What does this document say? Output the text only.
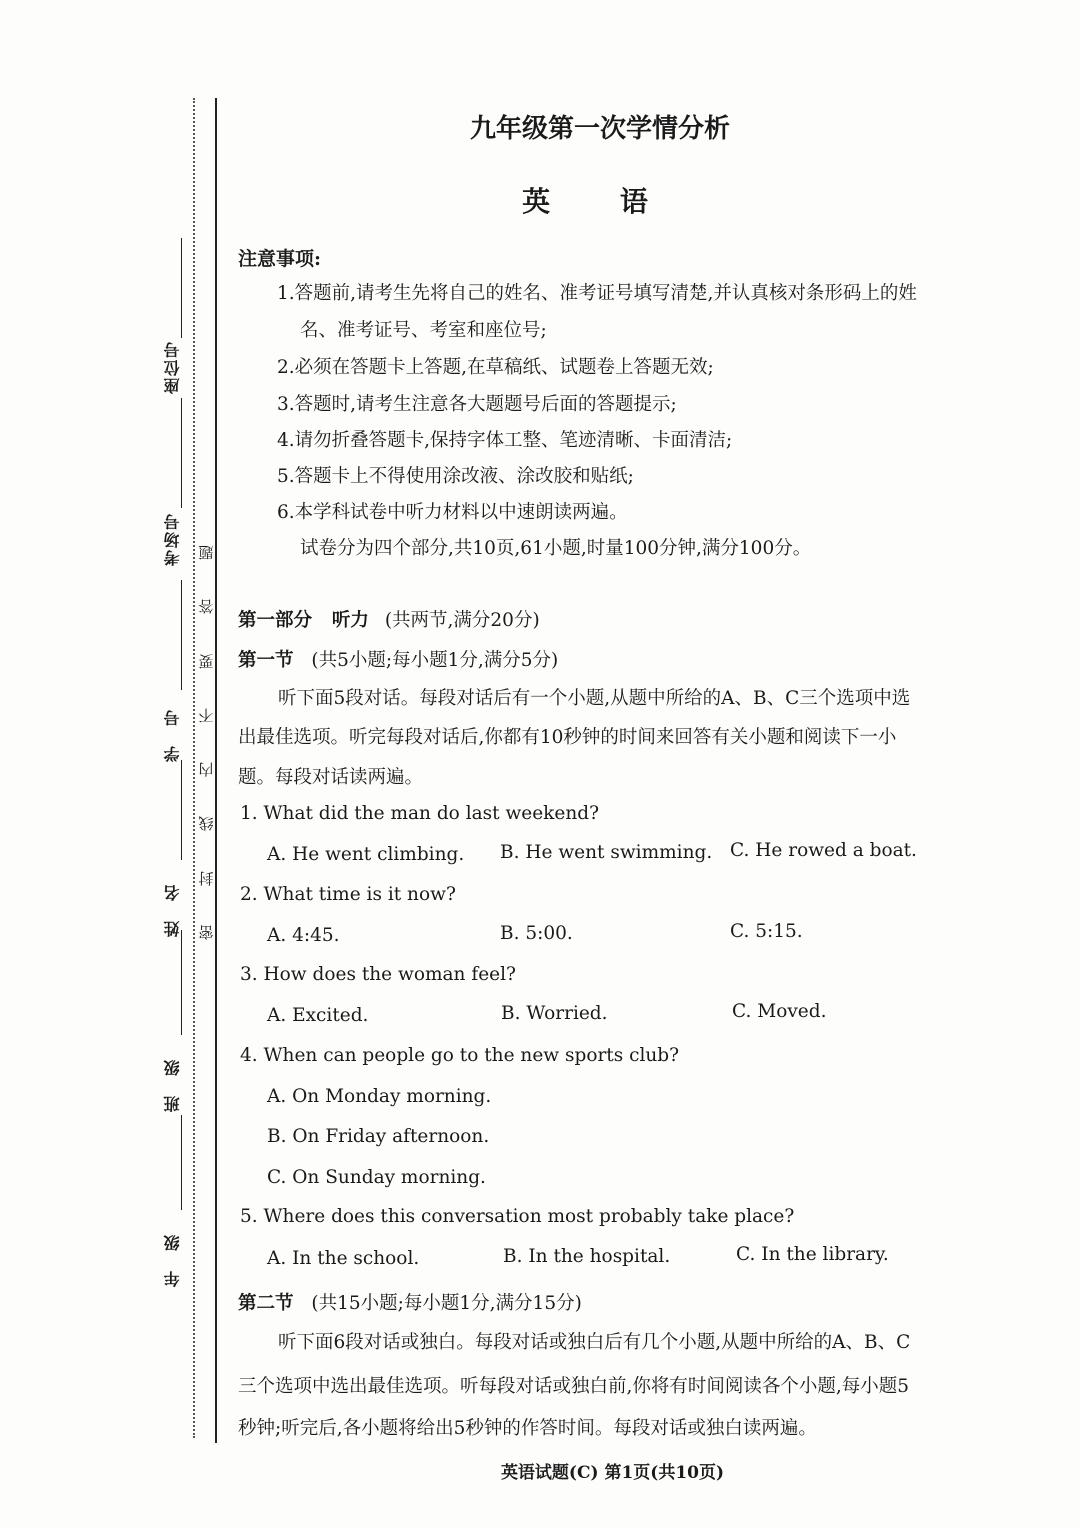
座位号
考场号
学号
姓名
班级
年级
密
封
线
内
不
要
答
题
九年级第一次学情分析
英 语
注意事项:
1.答题前,请考生先将自己的姓名、准考证号填写清楚,并认真核对条形码上的姓
名、准考证号、考室和座位号;
2.必须在答题卡上答题,在草稿纸、试题卷上答题无效;
3.答题时,请考生注意各大题题号后面的答题提示;
4.请勿折叠答题卡,保持字体工整、笔迹清晰、卡面清洁;
5.答题卡上不得使用涂改液、涂改胶和贴纸;
6.本学科试卷中听力材料以中速朗读两遍。
试卷分为四个部分,共10页,61小题,时量100分钟,满分100分。
第一部分 听力 (共两节,满分20分)
第一节 (共5小题;每小题1分,满分5分)
听下面5段对话。每段对话后有一个小题,从题中所给的A、B、C三个选项中选
出最佳选项。听完每段对话后,你都有10秒钟的时间来回答有关小题和阅读下一小
题。每段对话读两遍。
1. What did the man do last weekend?
A. He went climbing. B. He went swimming. C. He rowed a boat.
2. What time is it now?
A. 4:45.	B. 5:00.	C. 5:15.
3. How does the woman feel?
A. Excited.	B. Worried.	C. Moved.
4. When can people go to the new sports club?
A. On Monday morning.
B. On Friday afternoon.
C. On Sunday morning.
5. Where does this conversation most probably take place?
A. In the school.	B. In the hospital.	C. In the library.
第二节 (共15小题;每小题1分,满分15分)
听下面6段对话或独白。每段对话或独白后有几个小题,从题中所给的A、B、C
三个选项中选出最佳选项。听每段对话或独白前,你将有时间阅读各个小题,每小题5
秒钟;听完后,各小题将给出5秒钟的作答时间。每段对话或独白读两遍。
英语试题(C) 第1页(共10页)
